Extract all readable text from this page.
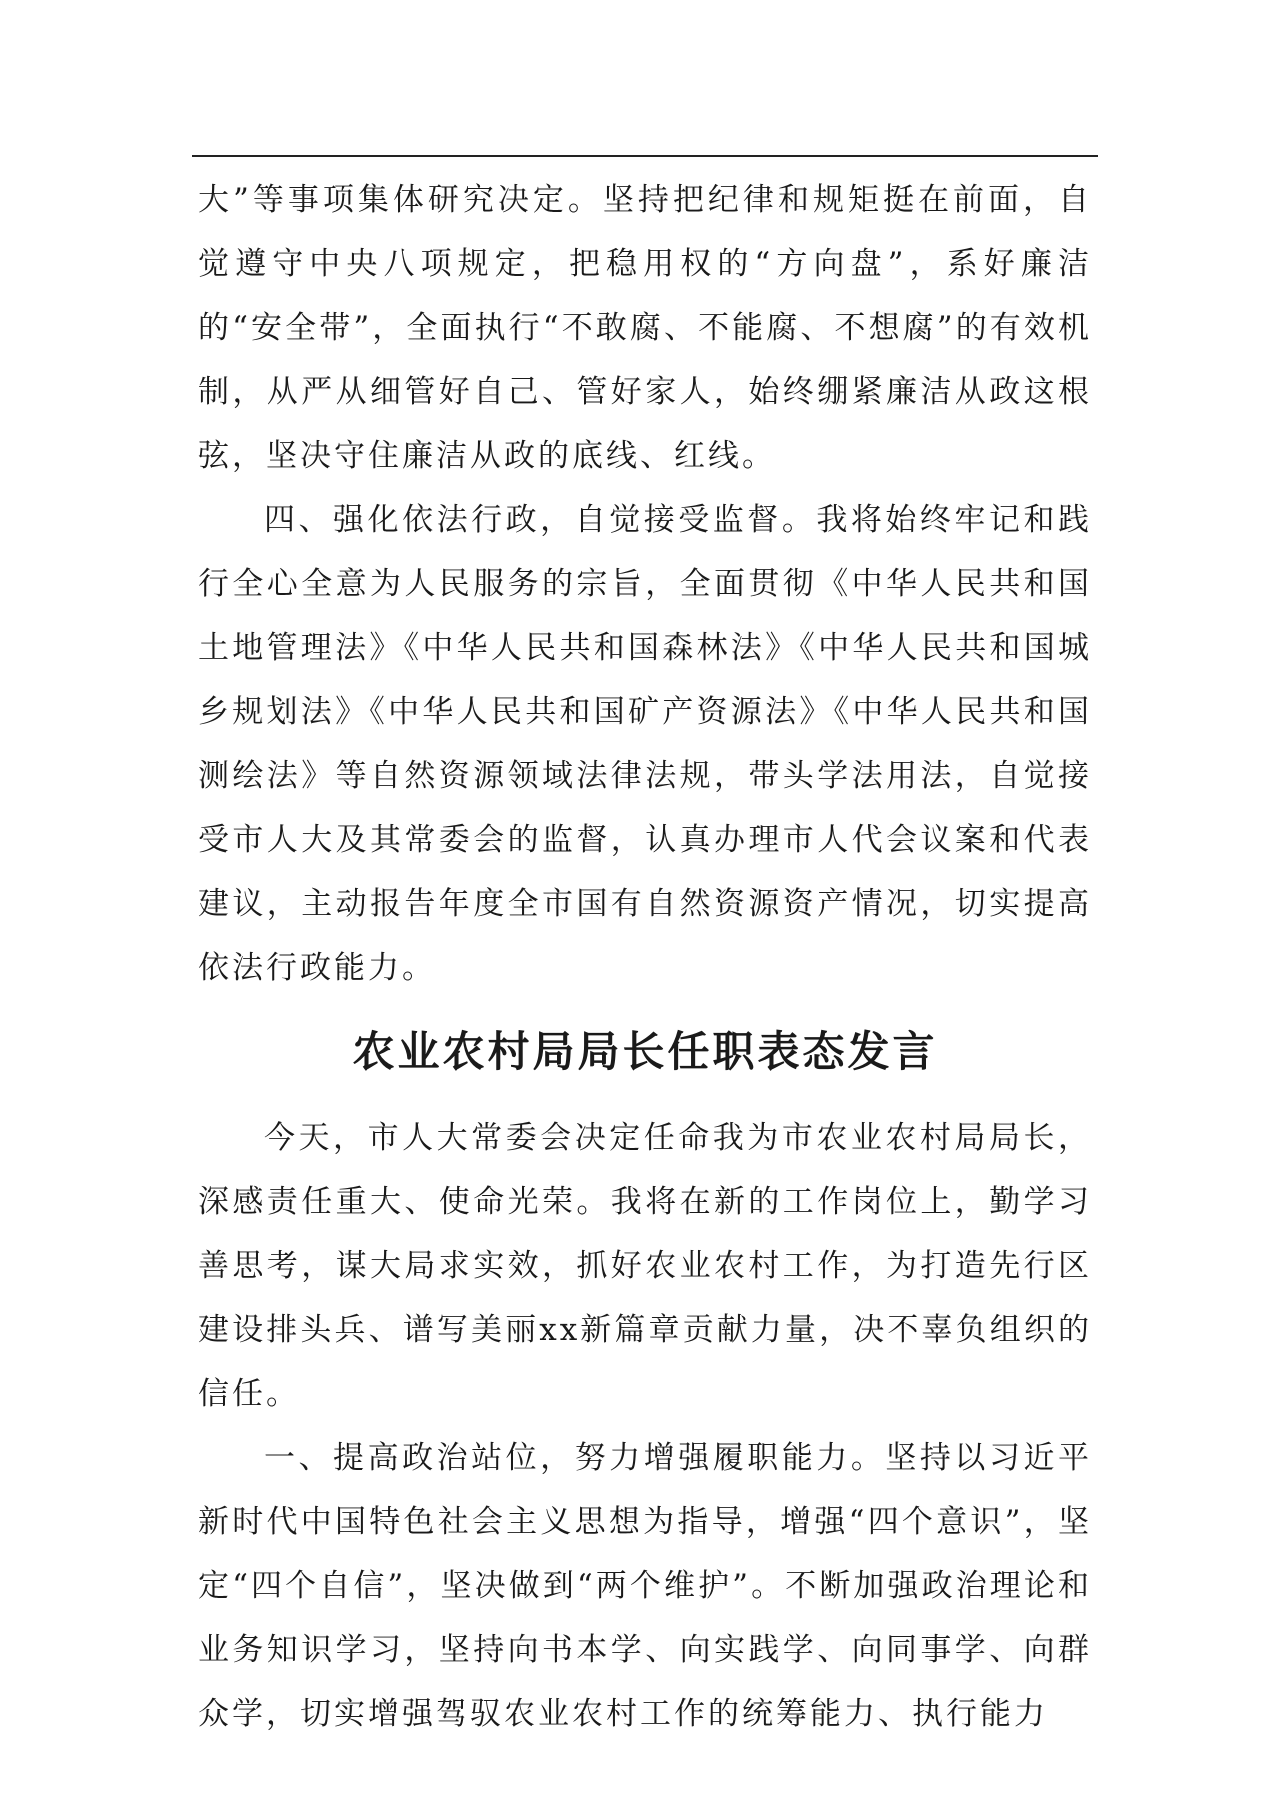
大”等事项集体研究决定。坚持把纪律和规矩挺在前面，自觉遵守中央八项规定，把稳用权的“方向盘”，系好廉洁的“安全带”，全面执行“不敢腐、不能腐、不想腐”的有效机制，从严从细管好自己、管好家人，始终绷紧廉洁从政这根弦，坚决守住廉洁从政的底线、红线。

四、强化依法行政，自觉接受监督。我将始终牢记和践行全心全意为人民服务的宗旨，全面贯彻《中华人民共和国土地管理法》《中华人民共和国森林法》《中华人民共和国城乡规划法》《中华人民共和国矿产资源法》《中华人民共和国测绘法》等自然资源领域法律法规，带头学法用法，自觉接受市人大及其常委会的监督，认真办理市人代会议案和代表建议，主动报告年度全市国有自然资源资产情况，切实提高依法行政能力。

农业农村局局长任职表态发言

今天，市人大常委会决定任命我为市农业农村局局长，深感责任重大、使命光荣。我将在新的工作岗位上，勤学习善思考，谋大局求实效，抓好农业农村工作，为打造先行区建设排头兵、谱写美丽xx新篇章贡献力量，决不辜负组织的信任。

一、提高政治站位，努力增强履职能力。坚持以习近平新时代中国特色社会主义思想为指导，增强“四个意识”，坚定“四个自信”，坚决做到“两个维护”。不断加强政治理论和业务知识学习，坚持向书本学、向实践学、向同事学、向群众学，切实增强驾驭农业农村工作的统筹能力、执行能力
